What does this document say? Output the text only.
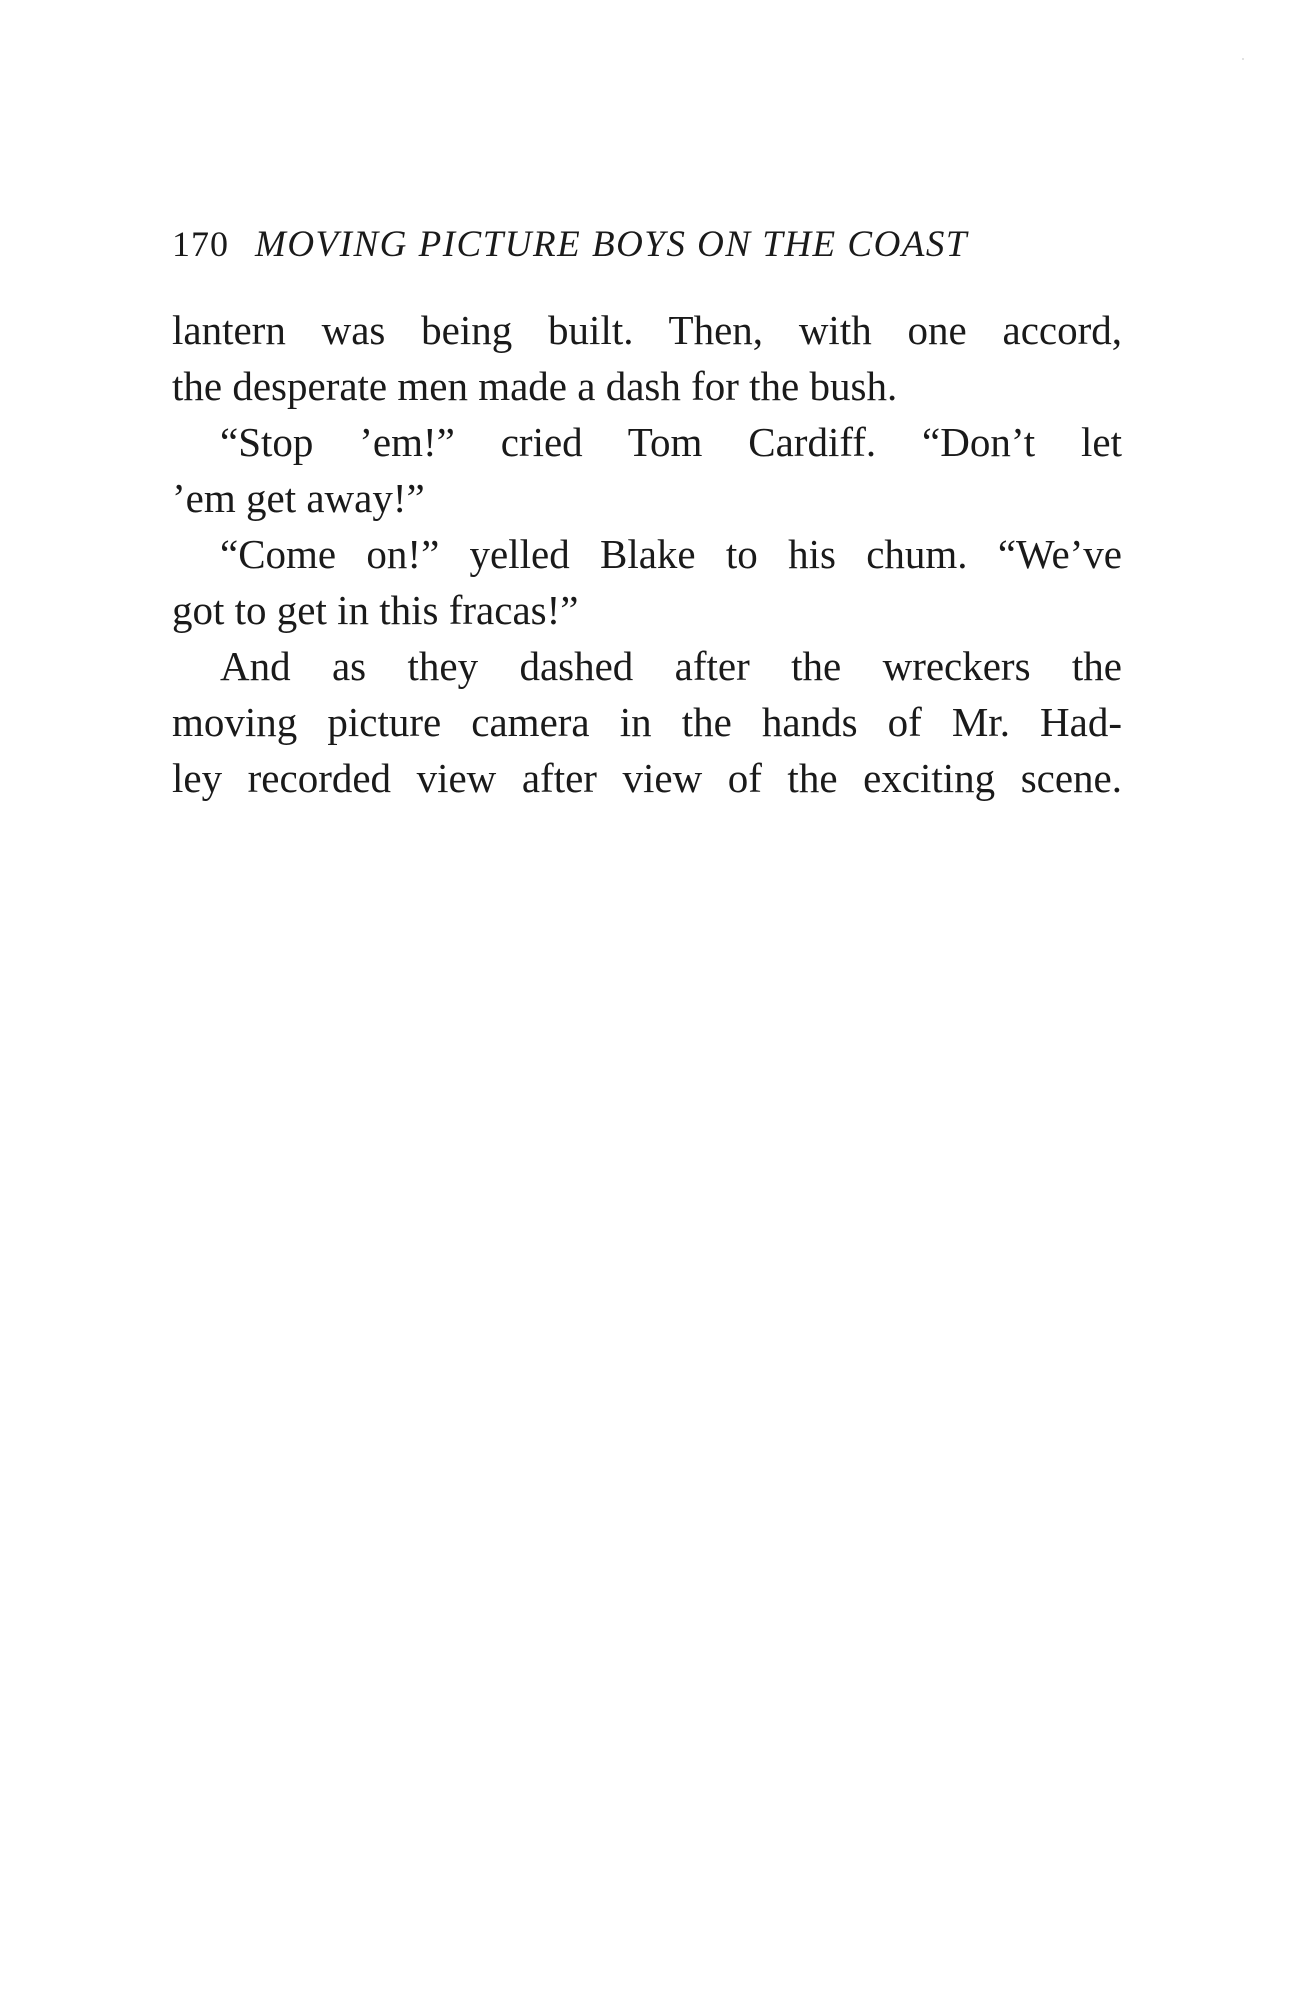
170 MOVING PICTURE BOYS ON THE COAST
lantern was being built. Then, with one accord,
the desperate men made a dash for the bush.
“Stop ’em!” cried Tom Cardiff. “Don’t let
’em get away!”
“Come on!” yelled Blake to his chum. “We’ve
got to get in this fracas!”
And as they dashed after the wreckers the
moving picture camera in the hands of Mr. Had-
ley recorded view after view of the exciting scene.
